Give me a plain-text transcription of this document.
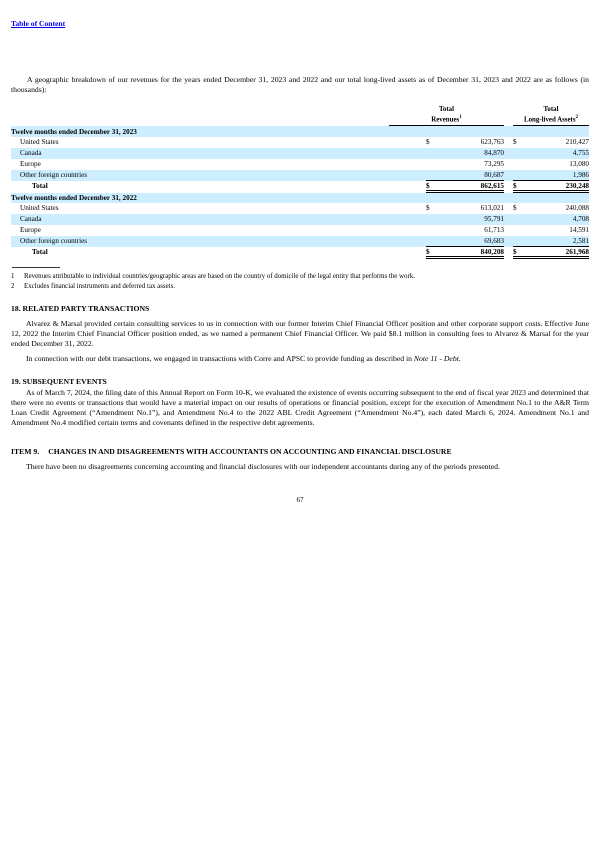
Table of Content
A geographic breakdown of our revenues for the years ended December 31, 2023 and 2022 and our total long-lived assets as of December 31, 2023 and 2022 are as follows (in thousands):
	Total
Revenues$^1$				Total
Long-lived Assets$^2$
Twelve months ended December 31, 2023						
United States		$	623,763		$	210,427
Canada			84,870			4,755
Europe			73,295			13,080
Other foreign countries			80,687			1,986
Total		$	862,615		$	230,248
Twelve months ended December 31, 2022						
United States		$	613,021		$	240,088
Canada			95,791			4,708
Europe			61,713			14,591
Other foreign countries			69,683			2,581
Total		$	840,208		$	261,968
1	Revenues attributable to individual countries/geographic areas are based on the country of domicile of the legal entity that performs the work.
2	Excludes financial instruments and deferred tax assets.
18. RELATED PARTY TRANSACTIONS
Alvarez & Marsal provided certain consulting services to us in connection with our former Interim Chief Financial Officer position and other corporate support costs. Effective June 12, 2022 the Interim Chief Financial Officer position ended, as we named a permanent Chief Financial Officer. We paid $8.1 million in consulting fees to Alvarez & Marsal for the year ended December 31, 2022.
In connection with our debt transactions, we engaged in transactions with Corre and APSC to provide funding as described in Note 11 - Debt.
19. SUBSEQUENT EVENTS
As of March 7, 2024, the filing date of this Annual Report on Form 10-K, we evaluated the existence of events occurring subsequent to the end of fiscal year 2023 and determined that there were no events or transactions that would have a material impact on our results of operations or financial position, except for the execution of Amendment No.1 to the A&R Term Loan Credit Agreement (“Amendment No.1”), and Amendment No.4 to the 2022 ABL Credit Agreement (“Amendment No.4”), each dated March 6, 2024. Amendment No.1 and Amendment No.4 modified certain terms and covenants defined in the respective debt agreements.
ITEM 9. CHANGES IN AND DISAGREEMENTS WITH ACCOUNTANTS ON ACCOUNTING AND FINANCIAL DISCLOSURE
There have been no disagreements concerning accounting and financial disclosures with our independent accountants during any of the periods presented.
67
